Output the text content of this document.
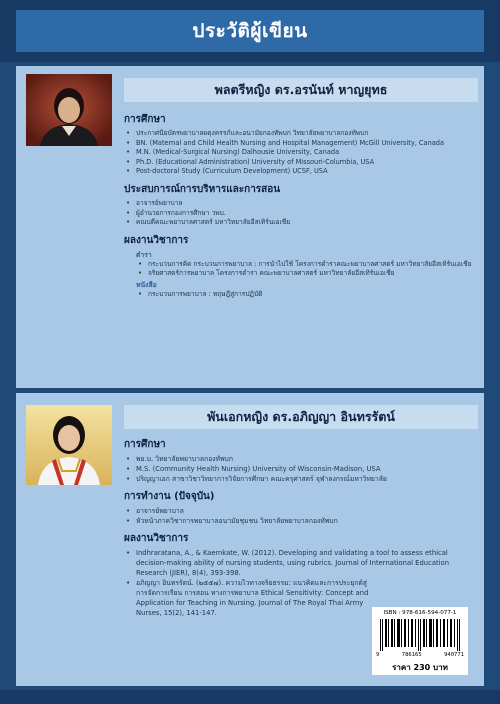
ประวัติผู้เขียน
พลตรีหญิง ดร.อรนันท์ หาญยุทธ
การศึกษา
• ประกาศนียบัตรพยาบาลผดุงครรภ์และอนามัยกองทัพบก วิทยาลัยพยาบาลกองทัพบก
• BN. (Maternal and Child Health Nursing and Hospital Management) McGill University, Canada
• M.N. (Medical-Surgical Nursing) Dalhousie University, Canada
• Ph.D. (Educational Administration) University of Missouri-Columbia, USA
• Post-doctoral Study (Curriculum Development) UCSF, USA
ประสบการณ์การบริหารและการสอน
• อาจารย์พยาบาล
• ผู้อำนวยการกองการศึกษา วพบ.
• คณบดีคณะพยาบาลศาสตร์ มหาวิทยาลัยอีสเทิร์นเอเชีย
ผลงานวิชาการ
ตำรา
• กระบวนการคิด กระบวนการพยาบาล : การนำไปใช้ โครงการตำราคณะพยาบาลศาสตร์ มหาวิทยาลัยอีสเทิร์นเอเชีย
• จริยศาสตร์การพยาบาล โครงการตำรา คณะพยาบาลศาสตร์ มหาวิทยาลัยอีสเทิร์นเอเชีย
หนังสือ
• กระบวนการพยาบาล : ทฤษฎีสู่การปฏิบัติ
พันเอกหญิง ดร.อภิญญา อินทรรัตน์
การศึกษา
• พย.บ. วิทยาลัยพยาบาลกองทัพบก
• M.S. (Community Health Nursing) University of Wisconsin-Madison, USA
• ปริญญาเอก สาขาวิชาวิทยาการวิจัยการศึกษา คณะครุศาสตร์ จุฬาลงกรณ์มหาวิทยาลัย
การทำงาน (ปัจจุบัน)
• อาจารย์พยาบาล
• หัวหน้าภาควิชาการพยาบาลอนามัยชุมชน วิทยาลัยพยาบาลกองทัพบก
ผลงานวิชาการ
• Indhraratana, A., & Kaemkate, W. (2012). Developing and validating a tool to assess ethical decision-making ability of nursing students, using rubrics. Journal of International Education Research (JIER), 8(4), 393-398.
• อภิญญา อินทรรัตน์. (๒๕๕๗). ความไวทางจริยธรรม: แนวคิดและการประยุกต์สู่การจัดการเรียน การสอน ทางการพยาบาล Ethical Sensitivity: Concept and Application for Teaching in Nursing. Journal of The Royal Thai Army Nurses, 15(2), 141-147.	ISBN : 978-616-594-077-1
9	786165	940771
ราคา 230 บาท
